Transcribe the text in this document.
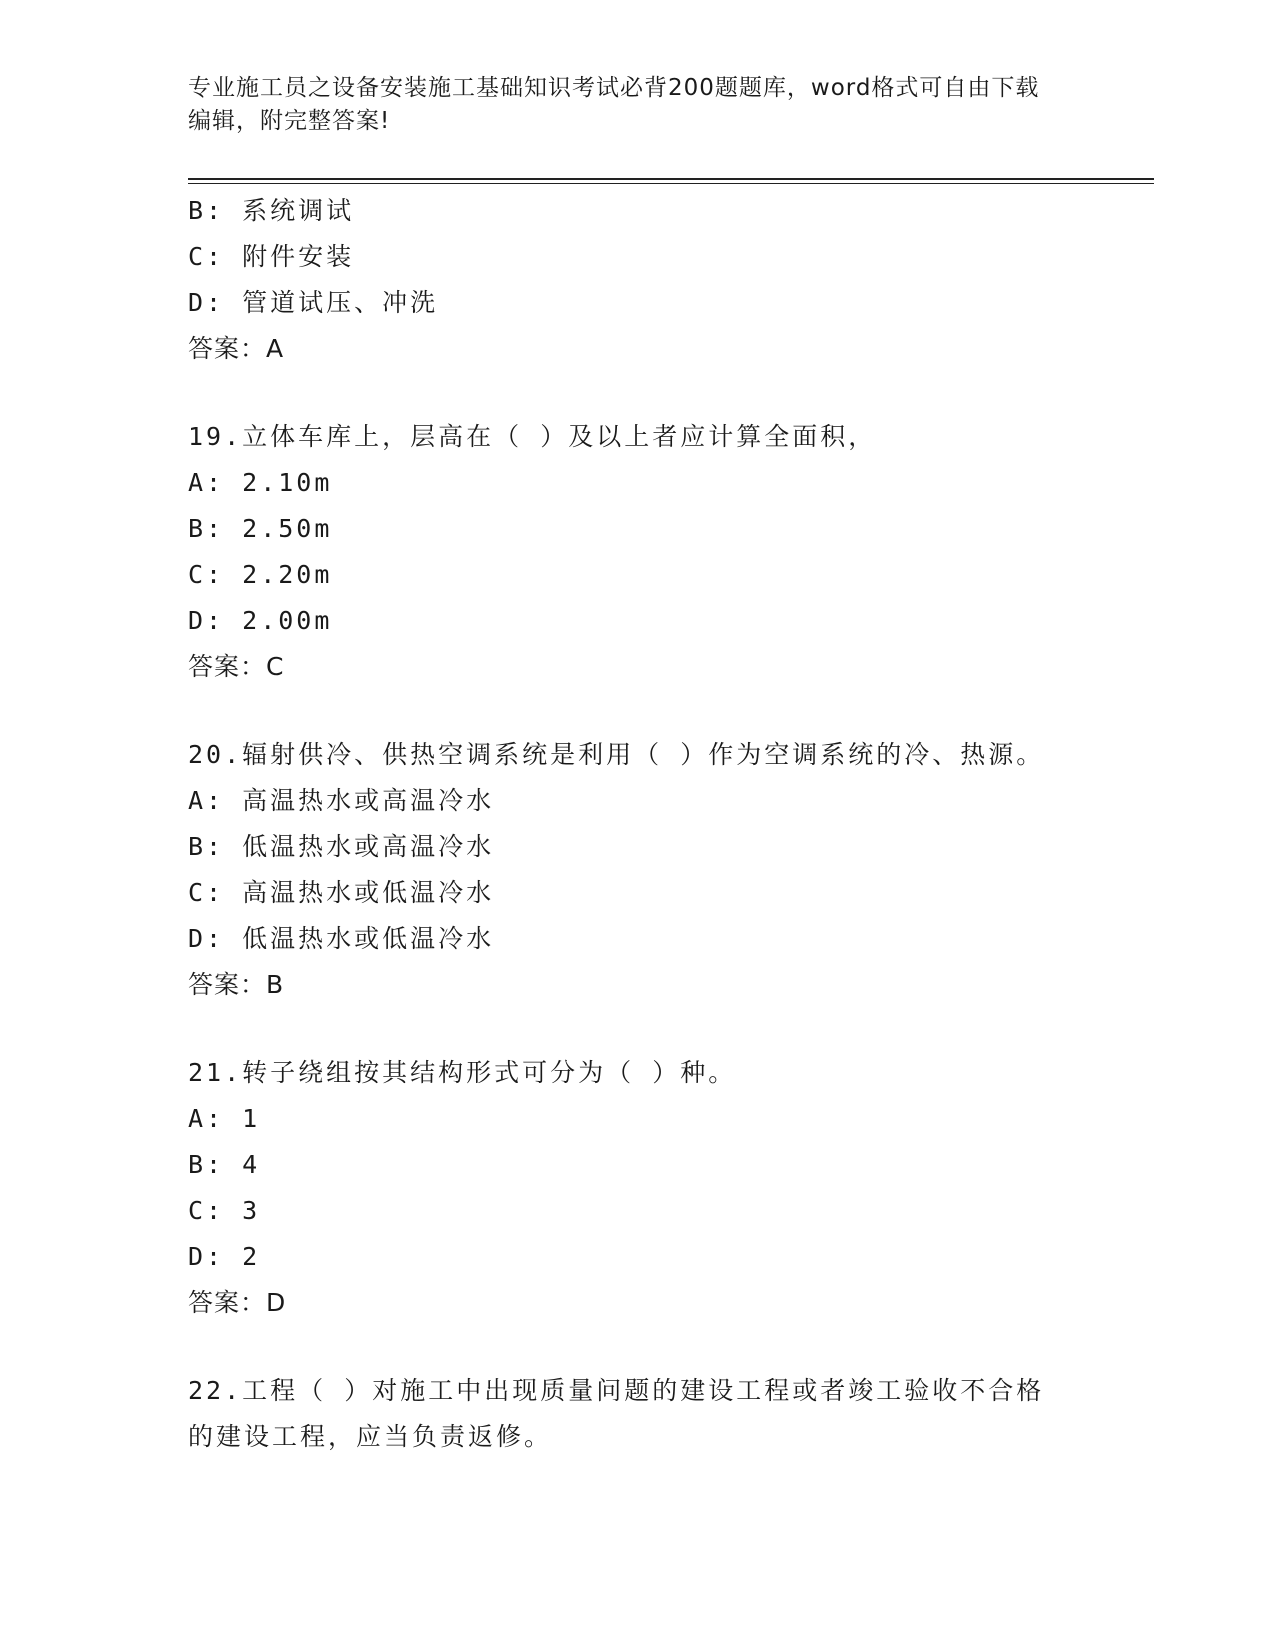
专业施工员之设备安装施工基础知识考试必背200题题库，word格式可自由下载
编辑，附完整答案!
B: 系统调试
C: 附件安装
D: 管道试压、冲洗
答案：A
19.立体车库上，层高在（ ）及以上者应计算全面积，
A: 2.10m
B: 2.50m
C: 2.20m
D: 2.00m
答案：C
20.辐射供冷、供热空调系统是利用（ ）作为空调系统的冷、热源。
A: 高温热水或高温冷水
B: 低温热水或高温冷水
C: 高温热水或低温冷水
D: 低温热水或低温冷水
答案：B
21.转子绕组按其结构形式可分为（ ）种。
A: 1
B: 4
C: 3
D: 2
答案：D
22.工程（ ）对施工中出现质量问题的建设工程或者竣工验收不合格
的建设工程，应当负责返修。
